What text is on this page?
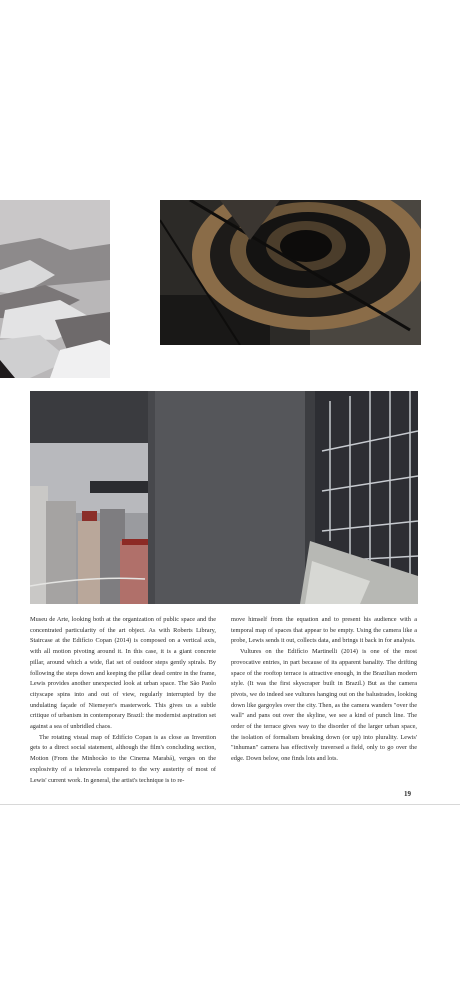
Museu de Arte, looking both at the organization of public space and the concentrated particularity of the art object. As with Roberts Library, Staircase at the Edifício Copan (2014) is composed on a vertical axis, with all motion pivoting around it. In this case, it is a giant concrete pillar, around which a wide, flat set of outdoor steps gently spirals. By following the steps down and keeping the pillar dead centre in the frame, Lewis provides another unexpected look at urban space. The São Paolo cityscape spins into and out of view, regularly interrupted by the undulating façade of Niemeyer's masterwork. This gives us a subtle critique of urbanism in contemporary Brazil: the modernist aspiration set against a sea of unbridled chaos.

The rotating visual map of Edifício Copan is as close as Invention gets to a direct social statement, although the film's concluding section, Motion (From the Minhocão to the Cinema Marabá), verges on the explosivity of a telenovela compared to the wry austerity of most of Lewis' current work. In general, the artist's technique is to re-

move himself from the equation and to present his audience with a temporal map of spaces that appear to be empty. Using the camera like a probe, Lewis sends it out, collects data, and brings it back in for analysis.

Vultures on the Edifício Martinelli (2014) is one of the most provocative entries, in part because of its apparent banality. The drifting space of the rooftop terrace is attractive enough, in the Brazilian modern style. (It was the first skyscraper built in Brazil.) But as the camera pivots, we do indeed see vultures hanging out on the balustrades, looking down like gargoyles over the city. Then, as the camera wanders "over the wall" and pans out over the skyline, we see a kind of punch line. The order of the terrace gives way to the disorder of the larger urban space, the isolation of formalism breaking down (or up) into plurality. Lewis' "inhuman" camera has effectively traversed a field, only to go over the edge. Down below, one finds lots and lots.

19
